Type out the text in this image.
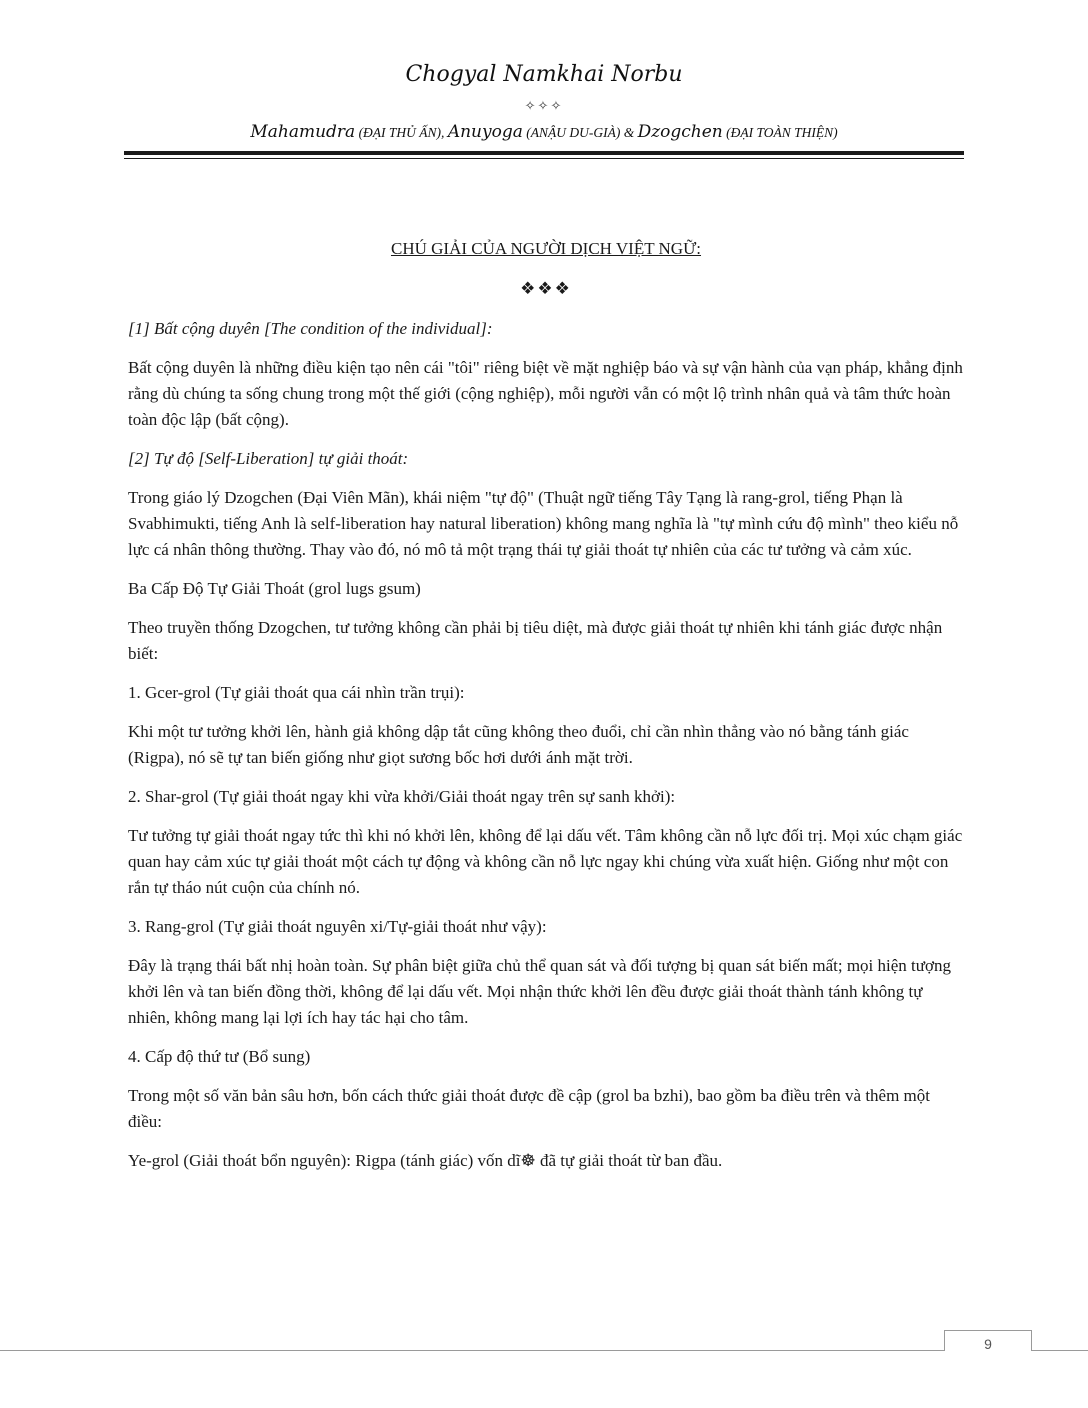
Chogyal Namkhai Norbu
✧✧✧
Mahamudra (ĐẠI THỦ ẤN), Anuyoga (ANẬU DU-GIÀ) & Dzogchen (ĐẠI TOÀN THIỆN)
CHÚ GIẢI CỦA NGƯỜI DỊCH VIỆT NGỮ:
❖❖❖

[1] Bất cộng duyên [The condition of the individual]:

Bất cộng duyên là những điều kiện tạo nên cái "tôi" riêng biệt về mặt nghiệp báo và sự vận hành của vạn pháp, khẳng định rằng dù chúng ta sống chung trong một thế giới (cộng nghiệp), mỗi người vẫn có một lộ trình nhân quả và tâm thức hoàn toàn độc lập (bất cộng).

[2] Tự độ [Self-Liberation] tự giải thoát:

Trong giáo lý Dzogchen (Đại Viên Mãn), khái niệm "tự độ" (Thuật ngữ tiếng Tây Tạng là rang-grol, tiếng Phạn là Svabhimukti, tiếng Anh là self-liberation hay natural liberation) không mang nghĩa là "tự mình cứu độ mình" theo kiểu nỗ lực cá nhân thông thường. Thay vào đó, nó mô tả một trạng thái tự giải thoát tự nhiên của các tư tưởng và cảm xúc.

Ba Cấp Độ Tự Giải Thoát (grol lugs gsum)

Theo truyền thống Dzogchen, tư tưởng không cần phải bị tiêu diệt, mà được giải thoát tự nhiên khi tánh giác được nhận biết:

1. Gcer-grol (Tự giải thoát qua cái nhìn trần trụi):

Khi một tư tưởng khởi lên, hành giả không dập tắt cũng không theo đuổi, chỉ cần nhìn thẳng vào nó bằng tánh giác (Rigpa), nó sẽ tự tan biến giống như giọt sương bốc hơi dưới ánh mặt trời.

2. Shar-grol (Tự giải thoát ngay khi vừa khởi/Giải thoát ngay trên sự sanh khởi):

Tư tưởng tự giải thoát ngay tức thì khi nó khởi lên, không để lại dấu vết. Tâm không cần nỗ lực đối trị. Mọi xúc chạm giác quan hay cảm xúc tự giải thoát một cách tự động và không cần nỗ lực ngay khi chúng vừa xuất hiện. Giống như một con rắn tự tháo nút cuộn của chính nó.

3. Rang-grol (Tự giải thoát nguyên xi/Tự-giải thoát như vậy):

Đây là trạng thái bất nhị hoàn toàn. Sự phân biệt giữa chủ thể quan sát và đối tượng bị quan sát biến mất; mọi hiện tượng khởi lên và tan biến đồng thời, không để lại dấu vết. Mọi nhận thức khởi lên đều được giải thoát thành tánh không tự nhiên, không mang lại lợi ích hay tác hại cho tâm.

4. Cấp độ thứ tư (Bổ sung)

Trong một số văn bản sâu hơn, bốn cách thức giải thoát được đề cập (grol ba bzhi), bao gồm ba điều trên và thêm một điều:

Ye-grol (Giải thoát bổn nguyên): Rigpa (tánh giác) vốn dĩ☸ đã tự giải thoát từ ban đầu.

9
